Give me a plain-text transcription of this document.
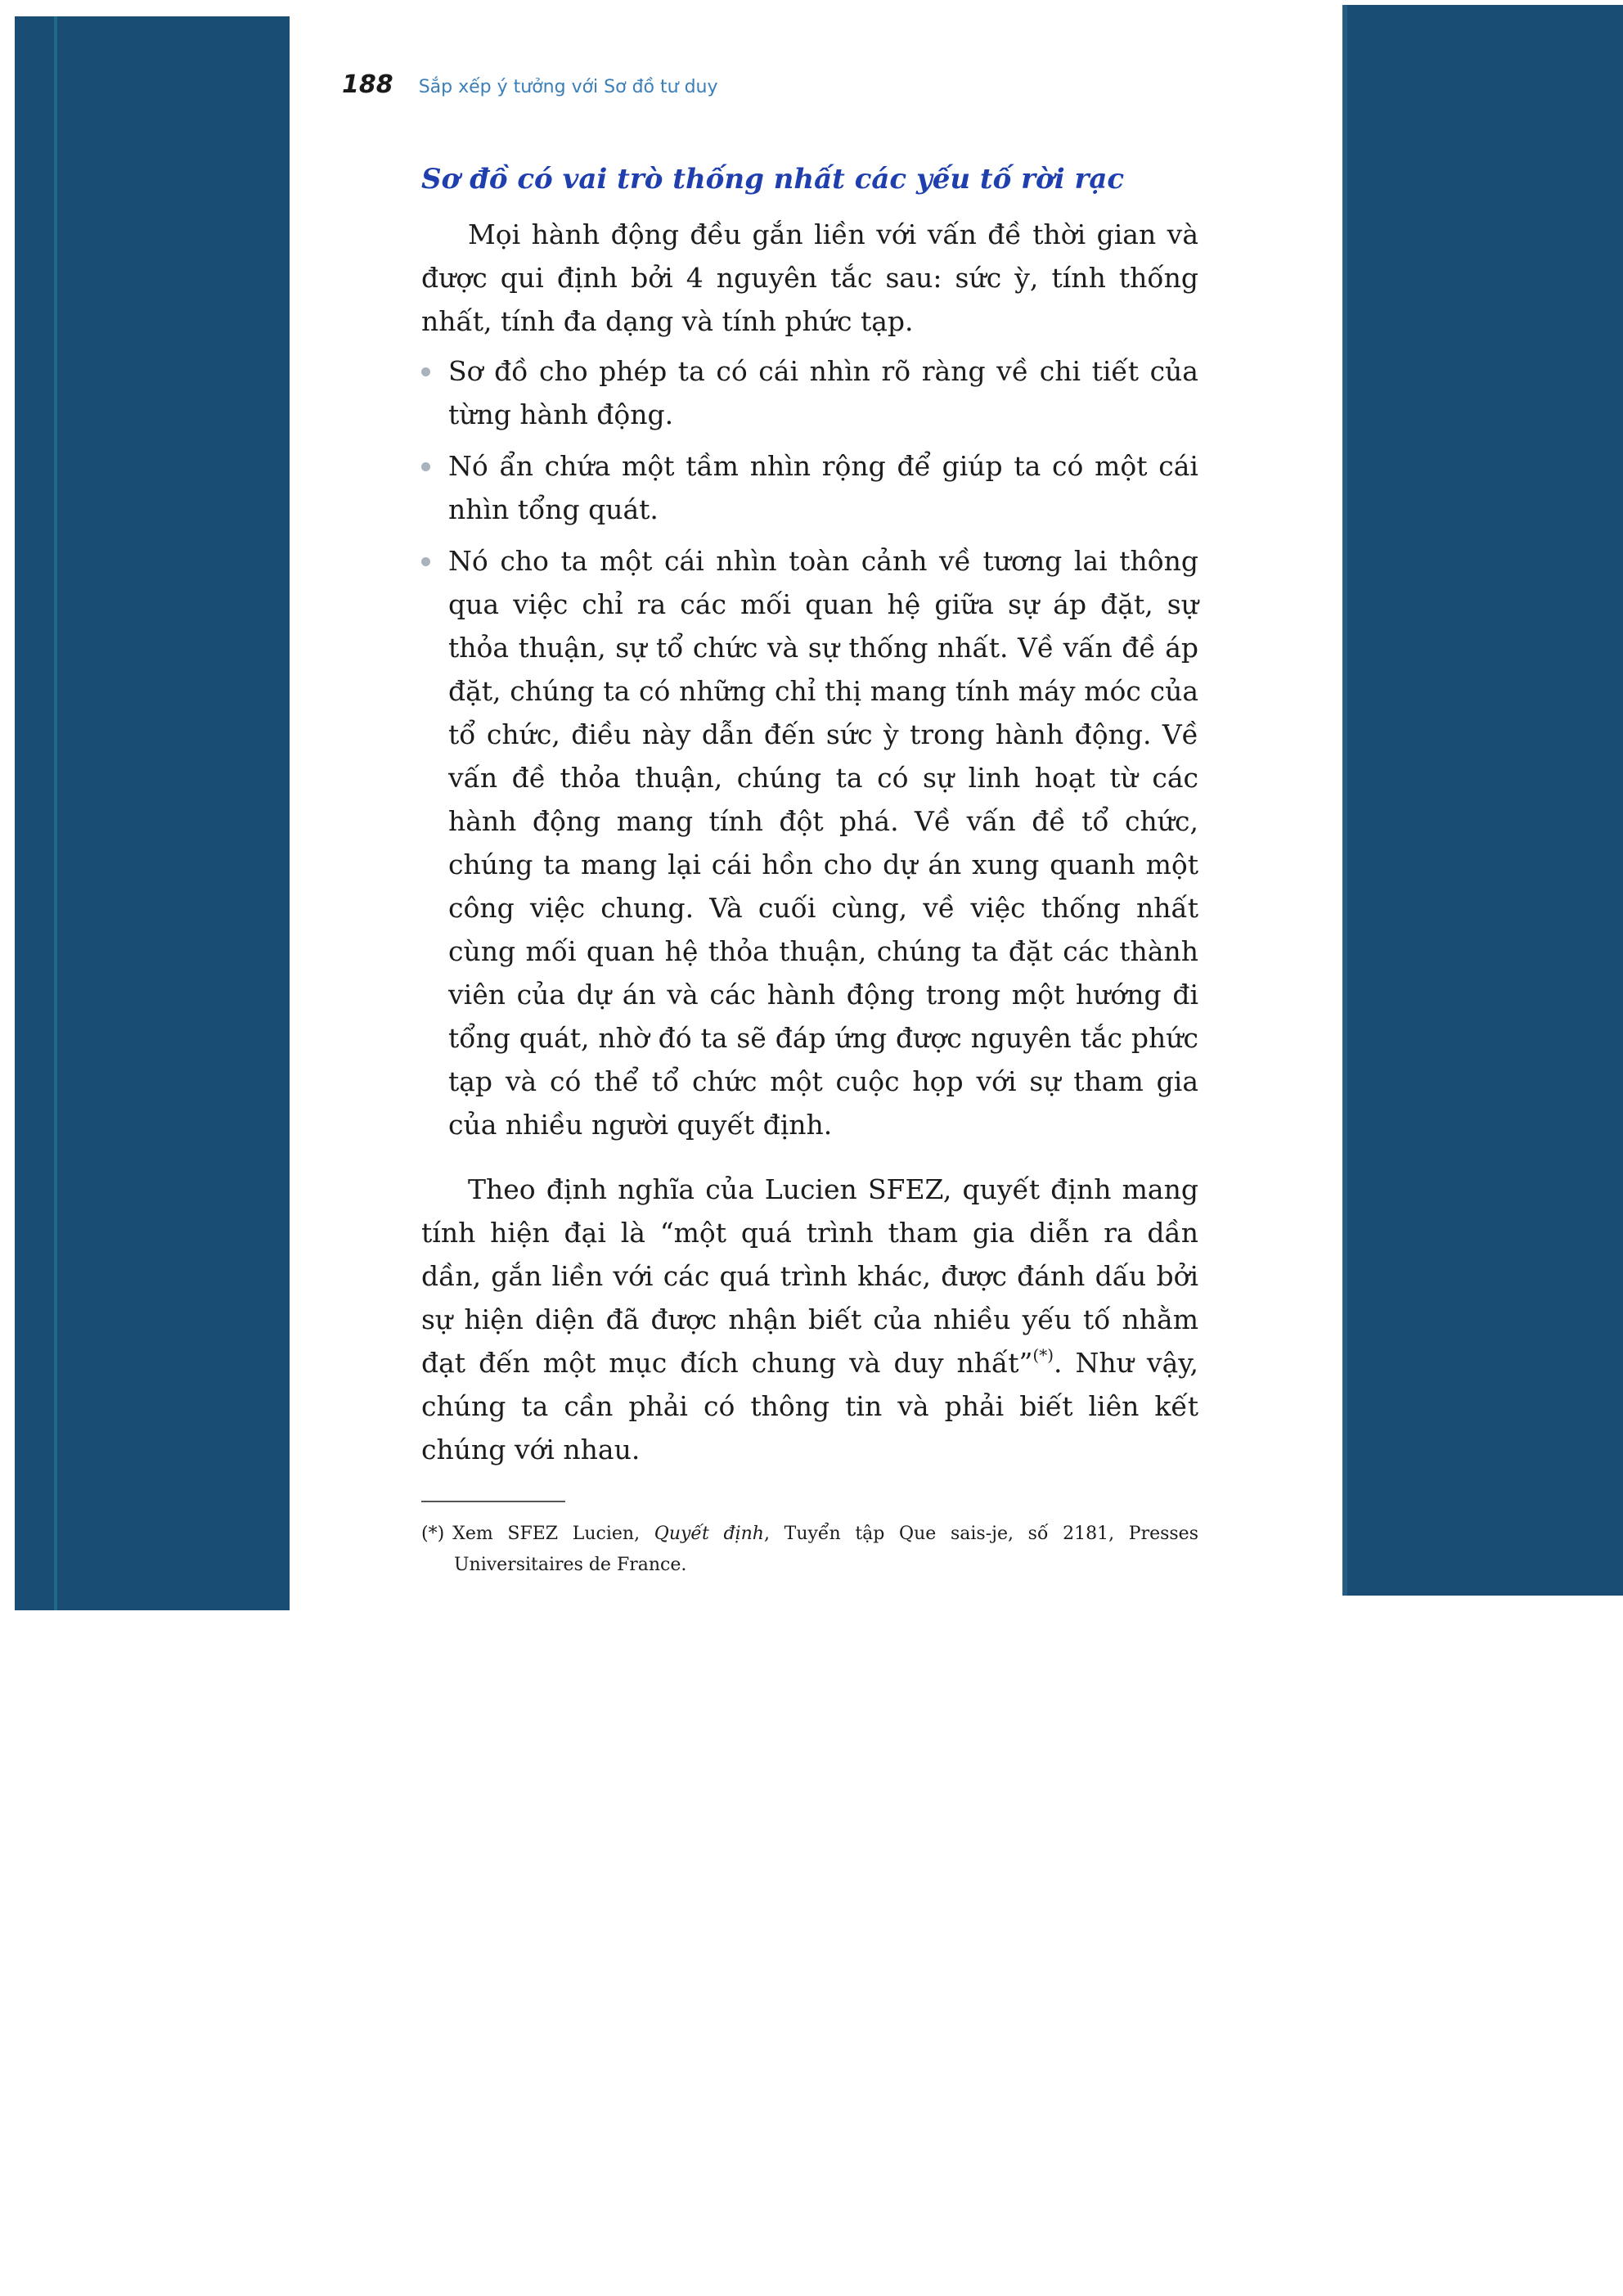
188 Sắp xếp ý tưởng với Sơ đồ tư duy
Sơ đồ có vai trò thống nhất các yếu tố rời rạc

Mọi hành động đều gắn liền với vấn đề thời gian và được qui định bởi 4 nguyên tắc sau: sức ỳ, tính thống nhất, tính đa dạng và tính phức tạp.

Sơ đồ cho phép ta có cái nhìn rõ ràng về chi tiết của từng hành động.
Nó ẩn chứa một tầm nhìn rộng để giúp ta có một cái nhìn tổng quát.
Nó cho ta một cái nhìn toàn cảnh về tương lai thông qua việc chỉ ra các mối quan hệ giữa sự áp đặt, sự thỏa thuận, sự tổ chức và sự thống nhất. Về vấn đề áp đặt, chúng ta có những chỉ thị mang tính máy móc của tổ chức, điều này dẫn đến sức ỳ trong hành động. Về vấn đề thỏa thuận, chúng ta có sự linh hoạt từ các hành động mang tính đột phá. Về vấn đề tổ chức, chúng ta mang lại cái hồn cho dự án xung quanh một công việc chung. Và cuối cùng, về việc thống nhất cùng mối quan hệ thỏa thuận, chúng ta đặt các thành viên của dự án và các hành động trong một hướng đi tổng quát, nhờ đó ta sẽ đáp ứng được nguyên tắc phức tạp và có thể tổ chức một cuộc họp với sự tham gia của nhiều người quyết định.

Theo định nghĩa của Lucien SFEZ, quyết định mang tính hiện đại là “một quá trình tham gia diễn ra dần dần, gắn liền với các quá trình khác, được đánh dấu bởi sự hiện diện đã được nhận biết của nhiều yếu tố nhằm đạt đến một mục đích chung và duy nhất”(*). Như vậy, chúng ta cần phải có thông tin và phải biết liên kết chúng với nhau.

(*) Xem SFEZ Lucien, Quyết định, Tuyển tập Que sais-je, số 2181, Presses Universitaires de France.
